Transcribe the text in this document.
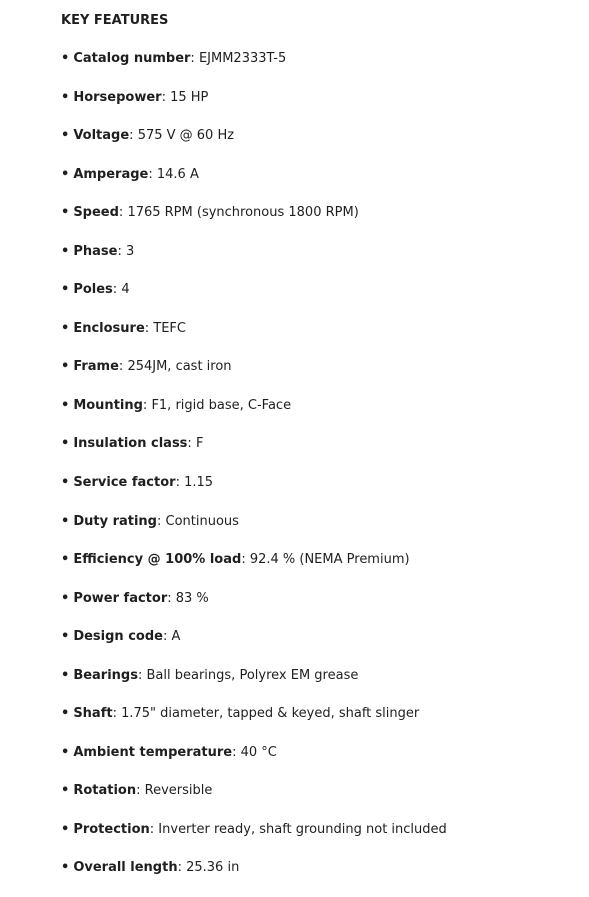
KEY FEATURES
• Catalog number: EJMM2333T-5
• Horsepower: 15 HP
• Voltage: 575 V @ 60 Hz
• Amperage: 14.6 A
• Speed: 1765 RPM (synchronous 1800 RPM)
• Phase: 3
• Poles: 4
• Enclosure: TEFC
• Frame: 254JM, cast iron
• Mounting: F1, rigid base, C-Face
• Insulation class: F
• Service factor: 1.15
• Duty rating: Continuous
• Efficiency @ 100% load: 92.4 % (NEMA Premium)
• Power factor: 83 %
• Design code: A
• Bearings: Ball bearings, Polyrex EM grease
• Shaft: 1.75" diameter, tapped & keyed, shaft slinger
• Ambient temperature: 40 °C
• Rotation: Reversible
• Protection: Inverter ready, shaft grounding not included
• Overall length: 25.36 in
